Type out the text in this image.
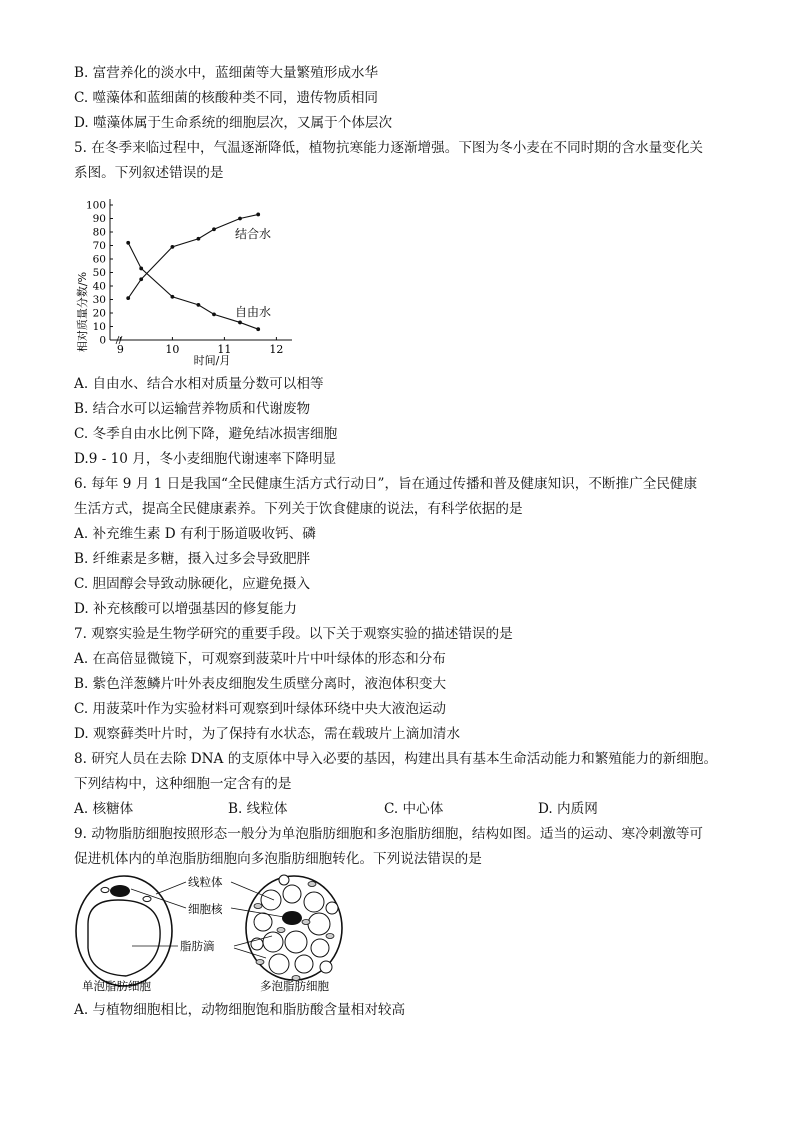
B. 富营养化的淡水中，蓝细菌等大量繁殖形成水华
C. 噬藻体和蓝细菌的核酸种类不同，遗传物质相同
D. 噬藻体属于生命系统的细胞层次，又属于个体层次
5. 在冬季来临过程中，气温逐渐降低，植物抗寒能力逐渐增强。下图为冬小麦在不同时期的含水量变化关
系图。下列叙述错误的是
相对质量分数/% 0
10
20
30
40
50
60
70
80
90
100
9	10	11	12
结合水
自由水
时间/月
A. 自由水、结合水相对质量分数可以相等
B. 结合水可以运输营养物质和代谢废物
C. 冬季自由水比例下降，避免结冰损害细胞
D.9 - 10 月，冬小麦细胞代谢速率下降明显
6. 每年 9 月 1 日是我国“全民健康生活方式行动日”，旨在通过传播和普及健康知识，不断推广全民健康
生活方式，提高全民健康素养。下列关于饮食健康的说法，有科学依据的是
A. 补充维生素 D 有利于肠道吸收钙、磷
B. 纤维素是多糖，摄入过多会导致肥胖
C. 胆固醇会导致动脉硬化，应避免摄入
D. 补充核酸可以增强基因的修复能力
7. 观察实验是生物学研究的重要手段。以下关于观察实验的描述错误的是
A. 在高倍显微镜下，可观察到菠菜叶片中叶绿体的形态和分布
B. 紫色洋葱鳞片叶外表皮细胞发生质壁分离时，液泡体积变大
C. 用菠菜叶作为实验材料可观察到叶绿体环绕中央大液泡运动
D. 观察藓类叶片时，为了保持有水状态，需在载玻片上滴加清水
8. 研究人员在去除 DNA 的支原体中导入必要的基因，构建出具有基本生命活动能力和繁殖能力的新细胞。
下列结构中，这种细胞一定含有的是
A. 核糖体	B. 线粒体	C. 中心体	D. 内质网
9. 动物脂肪细胞按照形态一般分为单泡脂肪细胞和多泡脂肪细胞，结构如图。适当的运动、寒冷刺激等可
促进机体内的单泡脂肪细胞向多泡脂肪细胞转化。下列说法错误的是
线粒体
细胞核
脂肪滴
单泡脂肪细胞	多泡脂肪细胞
A. 与植物细胞相比，动物细胞饱和脂肪酸含量相对较高
